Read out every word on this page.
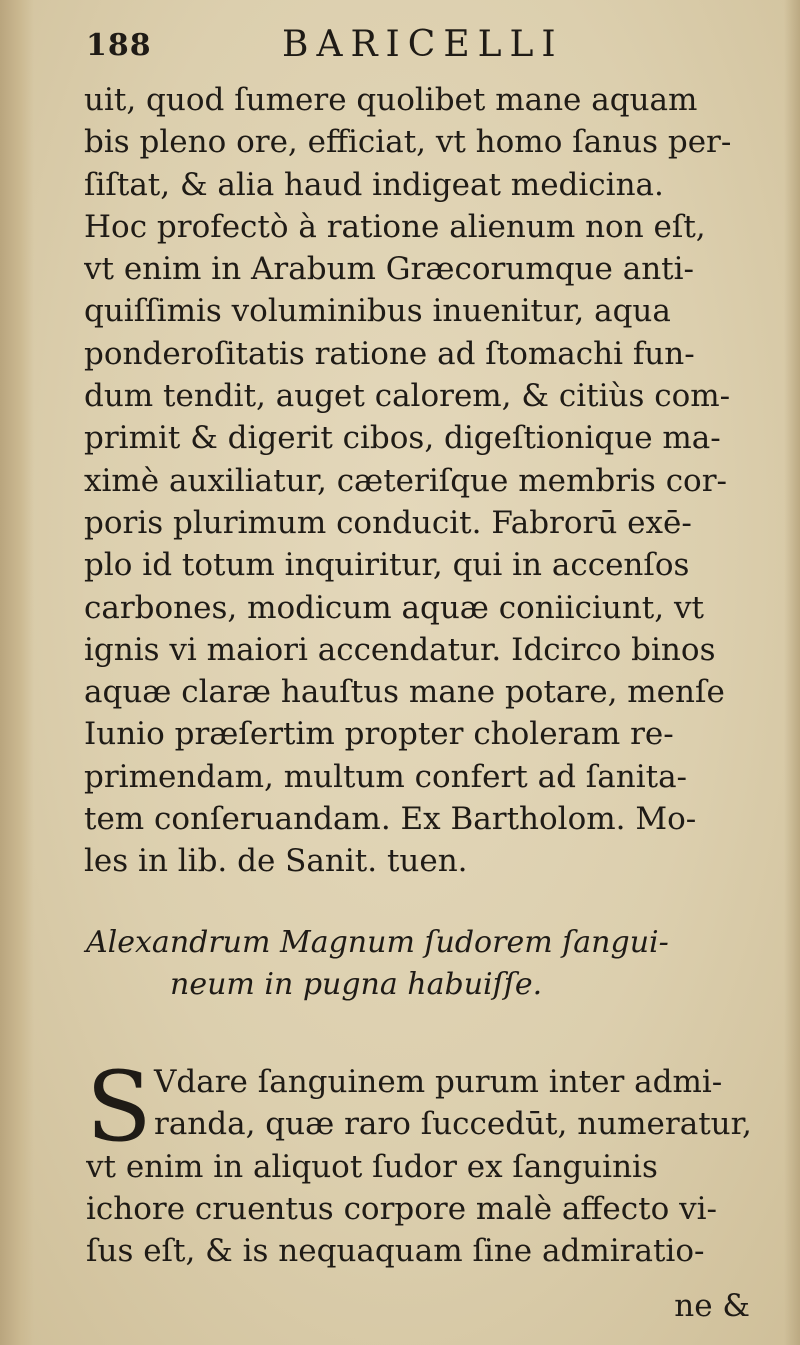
188	BARICELLI
uit, quod ſumere quolibet mane aquam
bis pleno ore, efficiat, vt homo ſanus per-
ſiſtat, & alia haud indigeat medicina.
Hoc profectò à ratione alienum non eſt,
vt enim in Arabum Græcorumque anti-
quiſſimis voluminibus inuenitur, aqua
ponderoſitatis ratione ad ſtomachi fun-
dum tendit, auget calorem, & citiùs com-
primit & digerit cibos, digeſtionique ma-
ximè auxiliatur, cæteriſque membris cor-
poris plurimum conducit. Fabrorū exē-
plo id totum inquiritur, qui in accenſos
carbones, modicum aquæ coniiciunt, vt
ignis vi maiori accendatur. Idcirco binos
aquæ claræ hauſtus mane potare, menſe
Iunio præſertim propter choleram re-
primendam, multum confert ad ſanita-
tem conſeruandam. Ex Bartholom. Mo-
les in lib. de Sanit. tuen.
Alexandrum Magnum ſudorem ſangui-
neum in pugna habuiſſe.
S Vdare ſanguinem purum inter admi-
randa, quæ raro ſuccedūt, numeratur,
vt enim in aliquot ſudor ex ſanguinis
ichore cruentus corpore malè affecto vi-
ſus eſt, & is nequaquam ſine admiratio-
ne &
